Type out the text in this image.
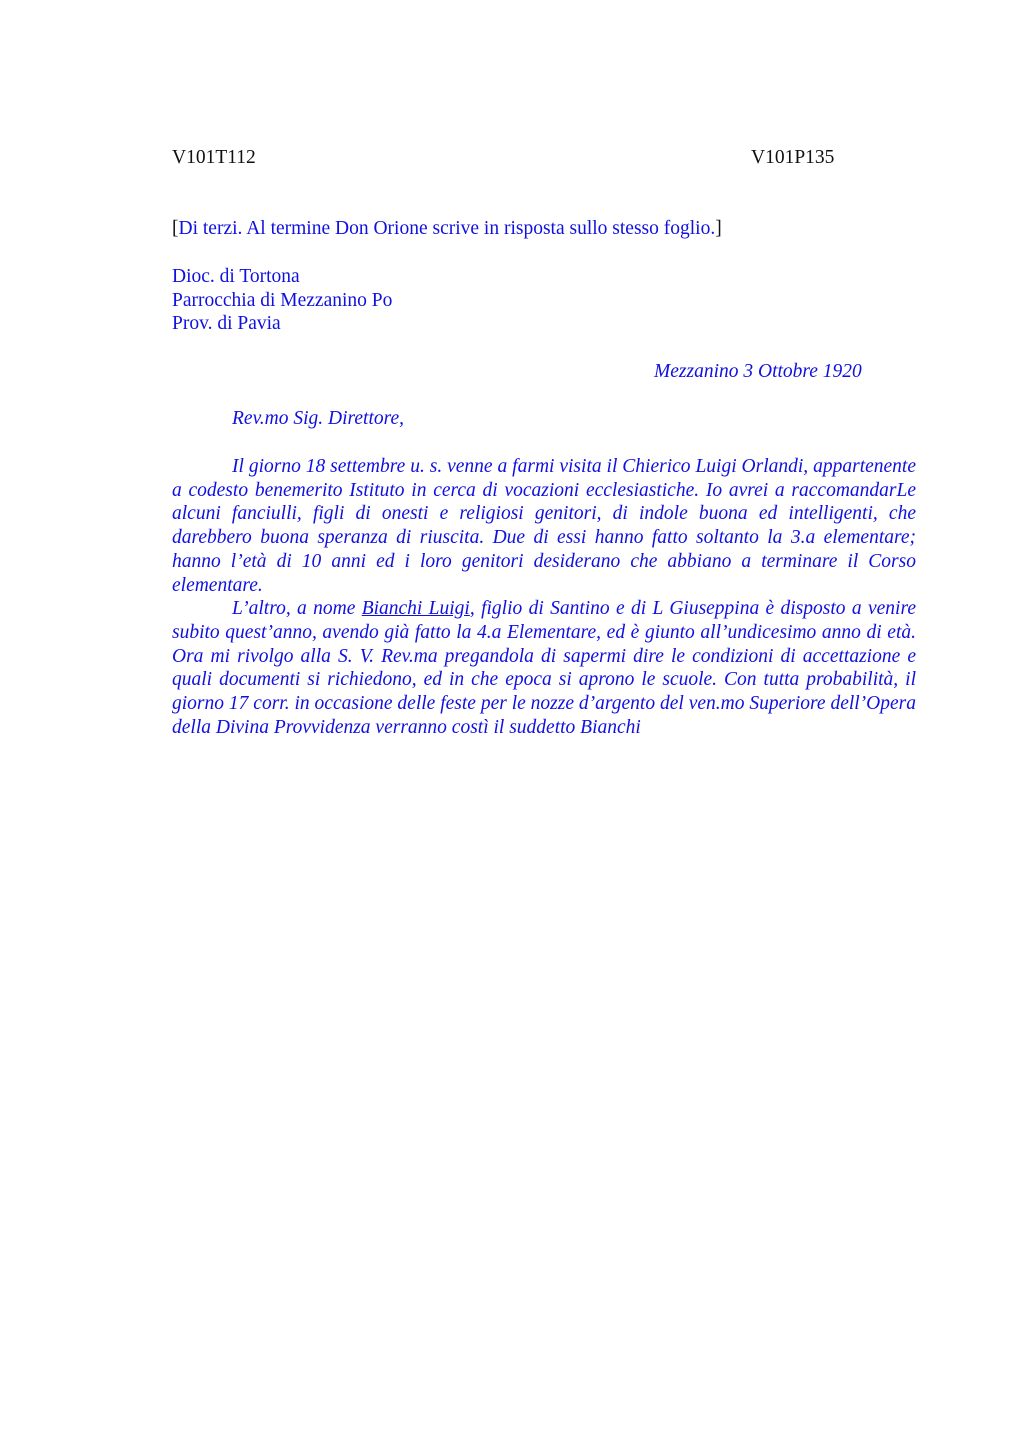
V101T112	V101P135
[Di terzi. Al termine Don Orione scrive in risposta sullo stesso foglio.]
Dioc. di Tortona
Parrocchia di Mezzanino Po
Prov. di Pavia
Mezzanino 3 Ottobre 1920
Rev.mo Sig. Direttore,

Il giorno 18 settembre u. s. venne a farmi visita il Chierico Luigi Orlandi, appartenente a codesto benemerito Istituto in cerca di vocazioni ecclesiastiche. Io avrei a raccomandarLe alcuni fanciulli, figli di onesti e religiosi genitori, di indole buona ed intelligenti, che darebbero buona speranza di riuscita. Due di essi hanno fatto soltanto la 3.a elementare; hanno l’età di 10 anni ed i loro genitori desiderano che abbiano a terminare il Corso elementare.

L’altro, a nome Bianchi Luigi, figlio di Santino e di L Giuseppina è disposto a venire subito quest’anno, avendo già fatto la 4.a Elementare, ed è giunto all’undicesimo anno di età. Ora mi rivolgo alla S. V. Rev.ma pregandola di sapermi dire le condizioni di accettazione e quali documenti si richiedono, ed in che epoca si aprono le scuole. Con tutta probabilità, il giorno 17 corr. in occasione delle feste per le nozze d’argento del ven.mo Superiore dell’Opera della Divina Provvidenza verranno costì il suddetto Bianchi
